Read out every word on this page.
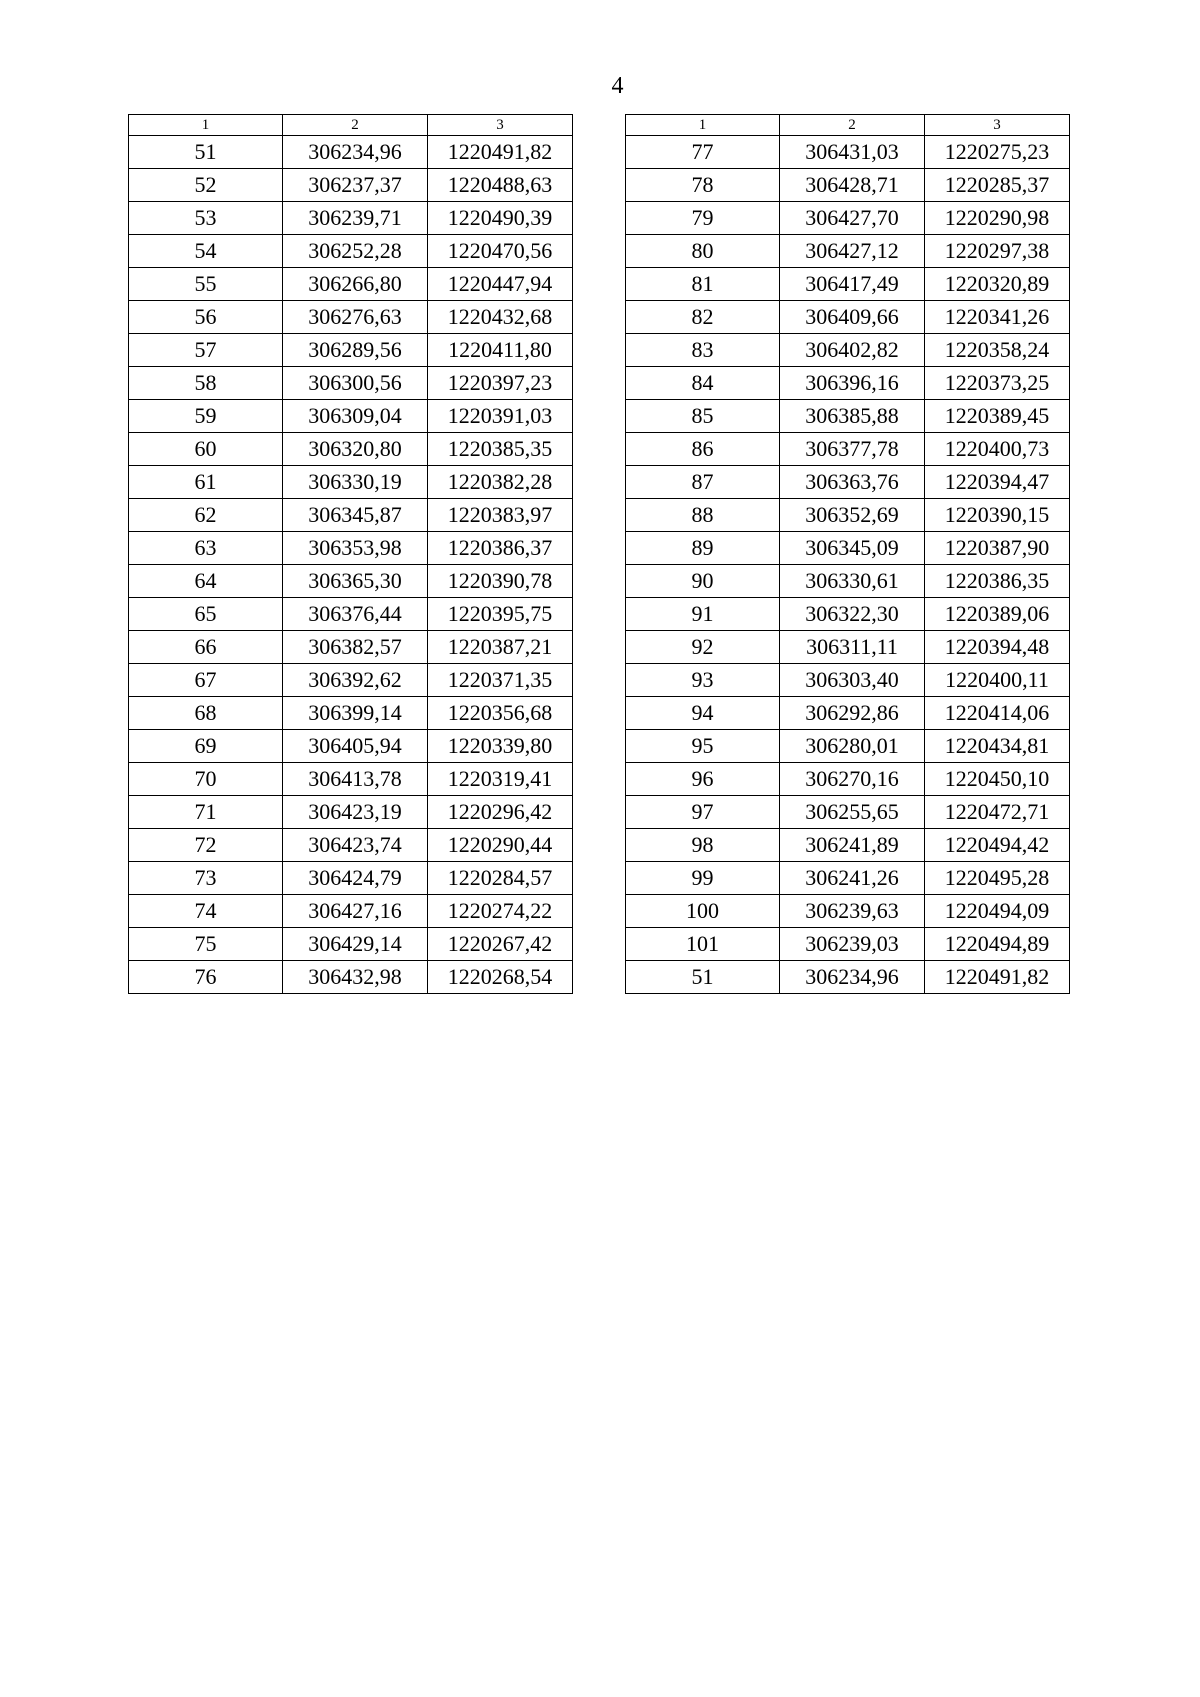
4
1	2	3
51	306234,96	1220491,82
52	306237,37	1220488,63
53	306239,71	1220490,39
54	306252,28	1220470,56
55	306266,80	1220447,94
56	306276,63	1220432,68
57	306289,56	1220411,80
58	306300,56	1220397,23
59	306309,04	1220391,03
60	306320,80	1220385,35
61	306330,19	1220382,28
62	306345,87	1220383,97
63	306353,98	1220386,37
64	306365,30	1220390,78
65	306376,44	1220395,75
66	306382,57	1220387,21
67	306392,62	1220371,35
68	306399,14	1220356,68
69	306405,94	1220339,80
70	306413,78	1220319,41
71	306423,19	1220296,42
72	306423,74	1220290,44
73	306424,79	1220284,57
74	306427,16	1220274,22
75	306429,14	1220267,42
76	306432,98	1220268,54
1	2	3
77	306431,03	1220275,23
78	306428,71	1220285,37
79	306427,70	1220290,98
80	306427,12	1220297,38
81	306417,49	1220320,89
82	306409,66	1220341,26
83	306402,82	1220358,24
84	306396,16	1220373,25
85	306385,88	1220389,45
86	306377,78	1220400,73
87	306363,76	1220394,47
88	306352,69	1220390,15
89	306345,09	1220387,90
90	306330,61	1220386,35
91	306322,30	1220389,06
92	306311,11	1220394,48
93	306303,40	1220400,11
94	306292,86	1220414,06
95	306280,01	1220434,81
96	306270,16	1220450,10
97	306255,65	1220472,71
98	306241,89	1220494,42
99	306241,26	1220495,28
100	306239,63	1220494,09
101	306239,03	1220494,89
51	306234,96	1220491,82
